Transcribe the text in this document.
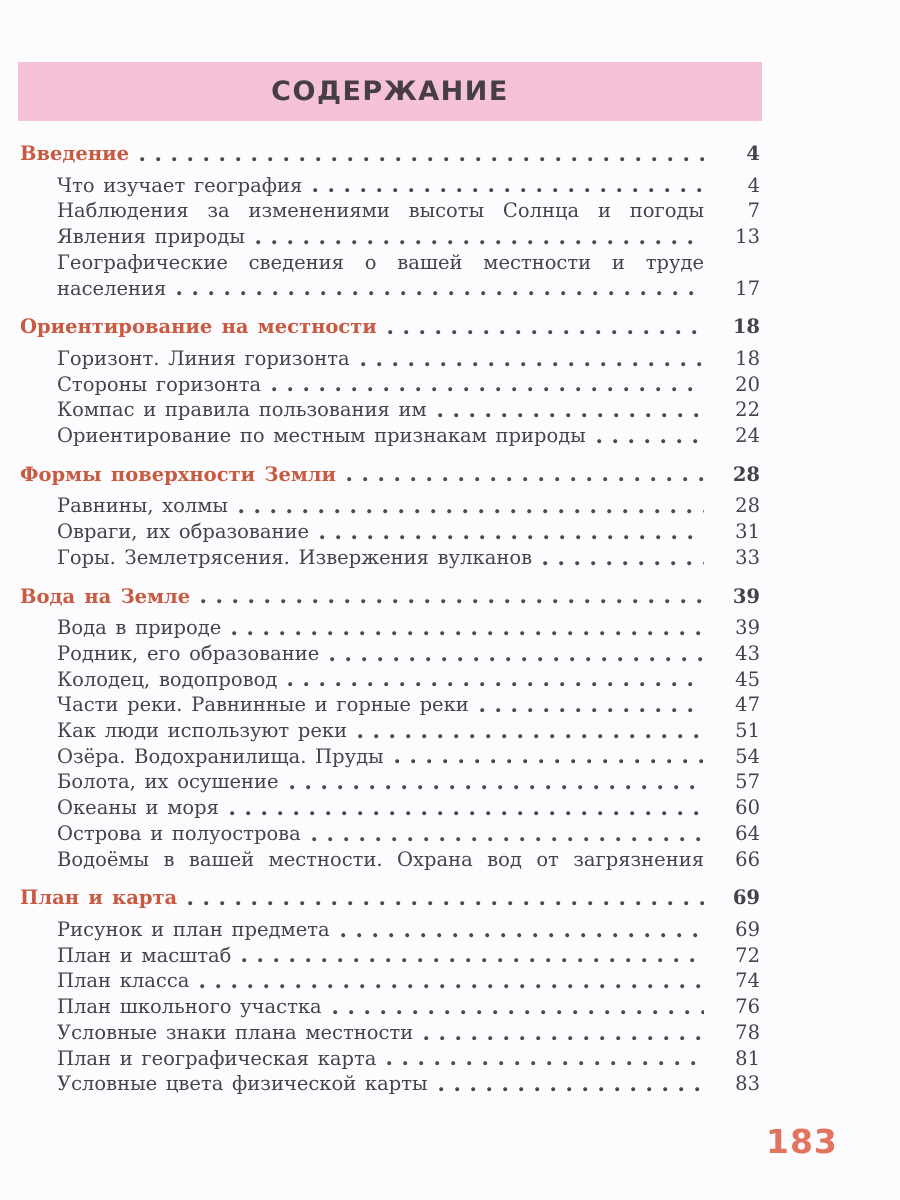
СОДЕРЖАНИЕ
Введение	4
Что изучает география	4
Наблюдения за изменениями высоты Солнца и погоды	7
Явления природы	13
Географические сведения о вашей местности и труде
населения	17
Ориентирование на местности	18
Горизонт. Линия горизонта	18
Стороны горизонта	20
Компас и правила пользования им	22
Ориентирование по местным признакам природы	24
Формы поверхности Земли	28
Равнины, холмы	28
Овраги, их образование	31
Горы. Землетрясения. Извержения вулканов	33
Вода на Земле	39
Вода в природе	39
Родник, его образование	43
Колодец, водопровод	45
Части реки. Равнинные и горные реки	47
Как люди используют реки	51
Озёра. Водохранилища. Пруды	54
Болота, их осушение	57
Океаны и моря	60
Острова и полуострова	64
Водоёмы в вашей местности. Охрана вод от загрязнения	66
План и карта	69
Рисунок и план предмета	69
План и масштаб	72
План класса	74
План школьного участка	76
Условные знаки плана местности	78
План и географическая карта	81
Условные цвета физической карты	83
183
